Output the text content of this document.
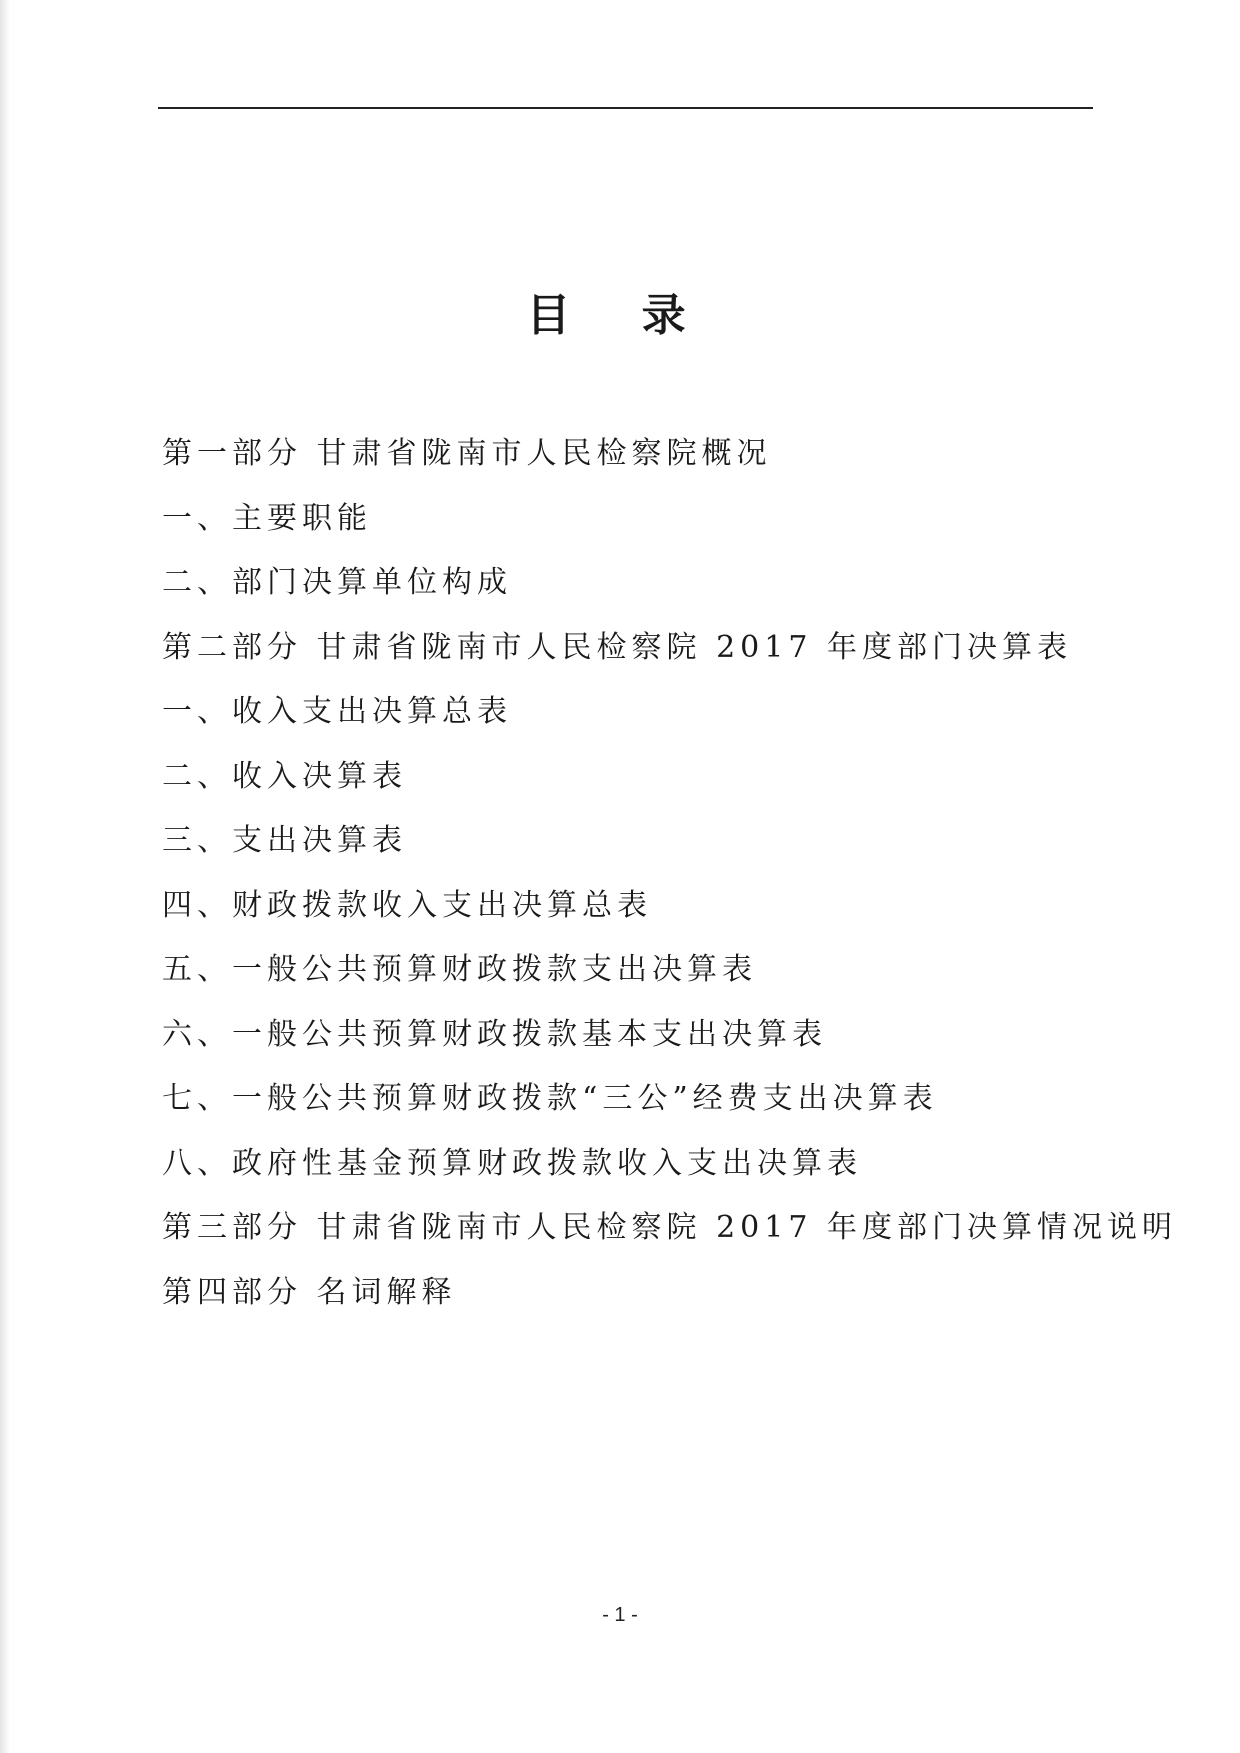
目 录
第一部分 甘肃省陇南市人民检察院概况
一、主要职能
二、部门决算单位构成
第二部分 甘肃省陇南市人民检察院 2017 年度部门决算表
一、收入支出决算总表
二、收入决算表
三、支出决算表
四、财政拨款收入支出决算总表
五、一般公共预算财政拨款支出决算表
六、一般公共预算财政拨款基本支出决算表
七、一般公共预算财政拨款“三公”经费支出决算表
八、政府性基金预算财政拨款收入支出决算表
第三部分 甘肃省陇南市人民检察院 2017 年度部门决算情况说明
第四部分 名词解释
- 1 -
